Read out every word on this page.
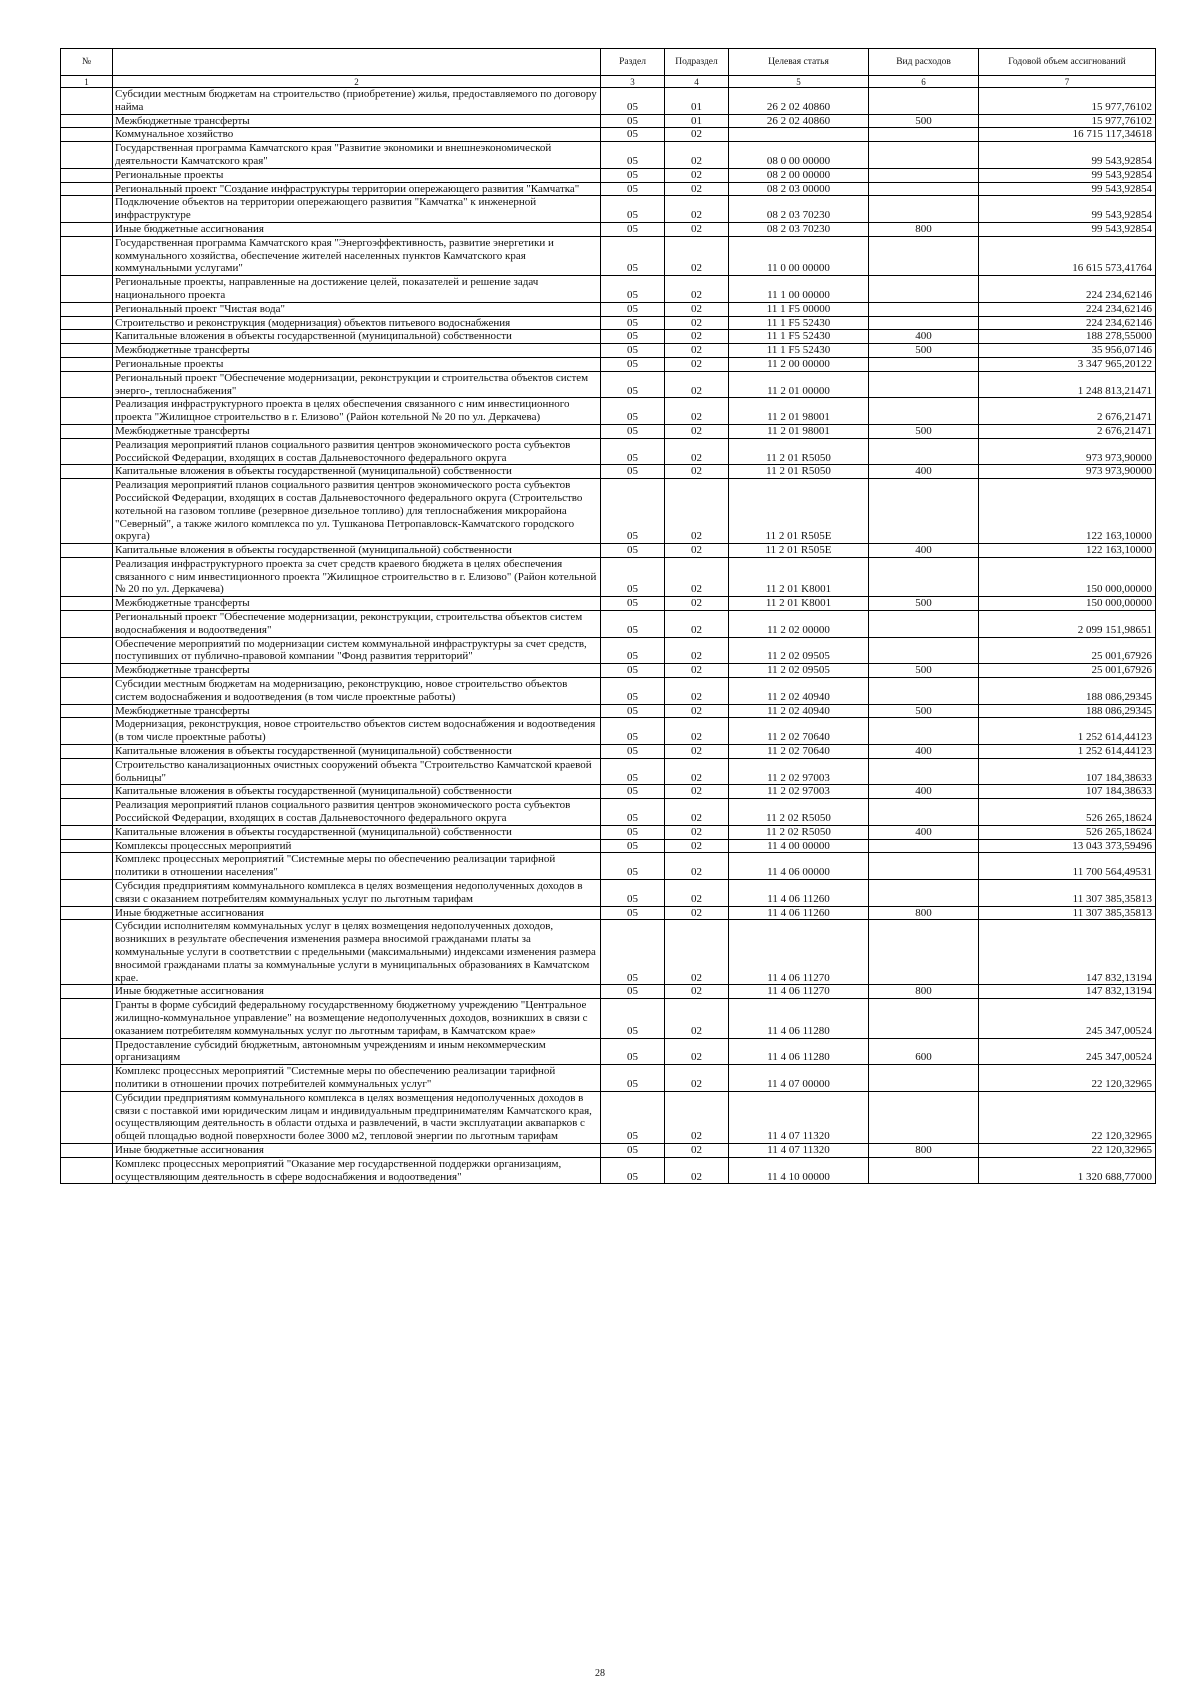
№		Раздел	Подраздел	Целевая статья	Вид расходов	Годовой объем ассигнований
1	2	3	4	5	6	7
	Субсидии местным бюджетам на строительство (приобретение) жилья, предоставляемого по договору найма	05	01	26 2 02 40860		15 977,76102
	Межбюджетные трансферты	05	01	26 2 02 40860	500	15 977,76102
	Коммунальное хозяйство	05	02			16 715 117,34618
	Государственная программа Камчатского края "Развитие экономики и внешнеэкономической деятельности Камчатского края"	05	02	08 0 00 00000		99 543,92854
	Региональные проекты	05	02	08 2 00 00000		99 543,92854
	Региональный проект "Создание инфраструктуры территории опережающего развития "Камчатка"	05	02	08 2 03 00000		99 543,92854
	Подключение объектов на территории опережающего развития "Камчатка" к инженерной инфраструктуре	05	02	08 2 03 70230		99 543,92854
	Иные бюджетные ассигнования	05	02	08 2 03 70230	800	99 543,92854
	Государственная программа Камчатского края "Энергоэффективность, развитие энергетики и коммунального хозяйства, обеспечение жителей населенных пунктов Камчатского края коммунальными услугами"	05	02	11 0 00 00000		16 615 573,41764
	Региональные проекты, направленные на достижение целей, показателей и решение задач национального проекта	05	02	11 1 00 00000		224 234,62146
	Региональный проект "Чистая вода"	05	02	11 1 F5 00000		224 234,62146
	Строительство и реконструкция (модернизация) объектов питьевого водоснабжения	05	02	11 1 F5 52430		224 234,62146
	Капитальные вложения в объекты государственной (муниципальной) собственности	05	02	11 1 F5 52430	400	188 278,55000
	Межбюджетные трансферты	05	02	11 1 F5 52430	500	35 956,07146
	Региональные проекты	05	02	11 2 00 00000		3 347 965,20122
	Региональный проект "Обеспечение модернизации, реконструкции и строительства объектов систем энерго-, теплоснабжения"	05	02	11 2 01 00000		1 248 813,21471
	Реализация инфраструктурного проекта в целях обеспечения связанного с ним инвестиционного проекта "Жилищное строительство в г. Елизово" (Район котельной № 20 по ул. Деркачева)	05	02	11 2 01 98001		2 676,21471
	Межбюджетные трансферты	05	02	11 2 01 98001	500	2 676,21471
	Реализация мероприятий планов социального развития центров экономического роста субъектов Российской Федерации, входящих в состав Дальневосточного федерального округа	05	02	11 2 01 R5050		973 973,90000
	Капитальные вложения в объекты государственной (муниципальной) собственности	05	02	11 2 01 R5050	400	973 973,90000
	Реализация мероприятий планов социального развития центров экономического роста субъектов Российской Федерации, входящих в состав Дальневосточного федерального округа (Строительство котельной на газовом топливе (резервное дизельное топливо) для теплоснабжения микрорайона "Северный", а также жилого комплекса по ул. Тушканова Петропавловск-Камчатского городского округа)	05	02	11 2 01 R505E		122 163,10000
	Капитальные вложения в объекты государственной (муниципальной) собственности	05	02	11 2 01 R505E	400	122 163,10000
	Реализация инфраструктурного проекта за счет средств краевого бюджета в целях обеспечения связанного с ним инвестиционного проекта "Жилищное строительство в г. Елизово" (Район котельной № 20 по ул. Деркачева)	05	02	11 2 01 K8001		150 000,00000
	Межбюджетные трансферты	05	02	11 2 01 K8001	500	150 000,00000
	Региональный проект "Обеспечение модернизации, реконструкции, строительства объектов систем водоснабжения и водоотведения"	05	02	11 2 02 00000		2 099 151,98651
	Обеспечение мероприятий по модернизации систем коммунальной инфраструктуры за счет средств, поступивших от публично-правовой компании "Фонд развития территорий"	05	02	11 2 02 09505		25 001,67926
	Межбюджетные трансферты	05	02	11 2 02 09505	500	25 001,67926
	Субсидии местным бюджетам на модернизацию, реконструкцию, новое строительство объектов систем водоснабжения и водоотведения (в том числе проектные работы)	05	02	11 2 02 40940		188 086,29345
	Межбюджетные трансферты	05	02	11 2 02 40940	500	188 086,29345
	Модернизация, реконструкция, новое строительство объектов систем водоснабжения и водоотведения (в том числе проектные работы)	05	02	11 2 02 70640		1 252 614,44123
	Капитальные вложения в объекты государственной (муниципальной) собственности	05	02	11 2 02 70640	400	1 252 614,44123
	Строительство канализационных очистных сооружений объекта "Строительство Камчатской краевой больницы"	05	02	11 2 02 97003		107 184,38633
	Капитальные вложения в объекты государственной (муниципальной) собственности	05	02	11 2 02 97003	400	107 184,38633
	Реализация мероприятий планов социального развития центров экономического роста субъектов Российской Федерации, входящих в состав Дальневосточного федерального округа	05	02	11 2 02 R5050		526 265,18624
	Капитальные вложения в объекты государственной (муниципальной) собственности	05	02	11 2 02 R5050	400	526 265,18624
	Комплексы процессных мероприятий	05	02	11 4 00 00000		13 043 373,59496
	Комплекс процессных мероприятий "Системные меры по обеспечению реализации тарифной политики в отношении населения"	05	02	11 4 06 00000		11 700 564,49531
	Субсидия предприятиям коммунального комплекса в целях возмещения недополученных доходов в связи с оказанием потребителям коммунальных услуг по льготным тарифам	05	02	11 4 06 11260		11 307 385,35813
	Иные бюджетные ассигнования	05	02	11 4 06 11260	800	11 307 385,35813
	Субсидии исполнителям коммунальных услуг в целях возмещения недополученных доходов, возникших в результате обеспечения изменения размера вносимой гражданами платы за коммунальные услуги в соответствии с предельными (максимальными) индексами изменения размера вносимой гражданами платы за коммунальные услуги в муниципальных образованиях в Камчатском крае.	05	02	11 4 06 11270		147 832,13194
	Иные бюджетные ассигнования	05	02	11 4 06 11270	800	147 832,13194
	Гранты в форме субсидий федеральному государственному бюджетному учреждению "Центральное жилищно-коммунальное управление" на возмещение недополученных доходов, возникших в связи с оказанием потребителям коммунальных услуг по льготным тарифам, в Камчатском крае»	05	02	11 4 06 11280		245 347,00524
	Предоставление субсидий бюджетным, автономным учреждениям и иным некоммерческим организациям	05	02	11 4 06 11280	600	245 347,00524
	Комплекс процессных мероприятий "Системные меры по обеспечению реализации тарифной политики в отношении прочих потребителей коммунальных услуг"	05	02	11 4 07 00000		22 120,32965
	Субсидии предприятиям коммунального комплекса в целях возмещения недополученных доходов в связи с поставкой ими юридическим лицам и индивидуальным предпринимателям Камчатского края, осуществляющим деятельность в области отдыха и развлечений, в части эксплуатации аквапарков с общей площадью водной поверхности более 3000 м2, тепловой энергии по льготным тарифам	05	02	11 4 07 11320		22 120,32965
	Иные бюджетные ассигнования	05	02	11 4 07 11320	800	22 120,32965
	Комплекс процессных мероприятий "Оказание мер государственной поддержки организациям, осуществляющим деятельность в сфере водоснабжения и водоотведения"	05	02	11 4 10 00000		1 320 688,77000
28
